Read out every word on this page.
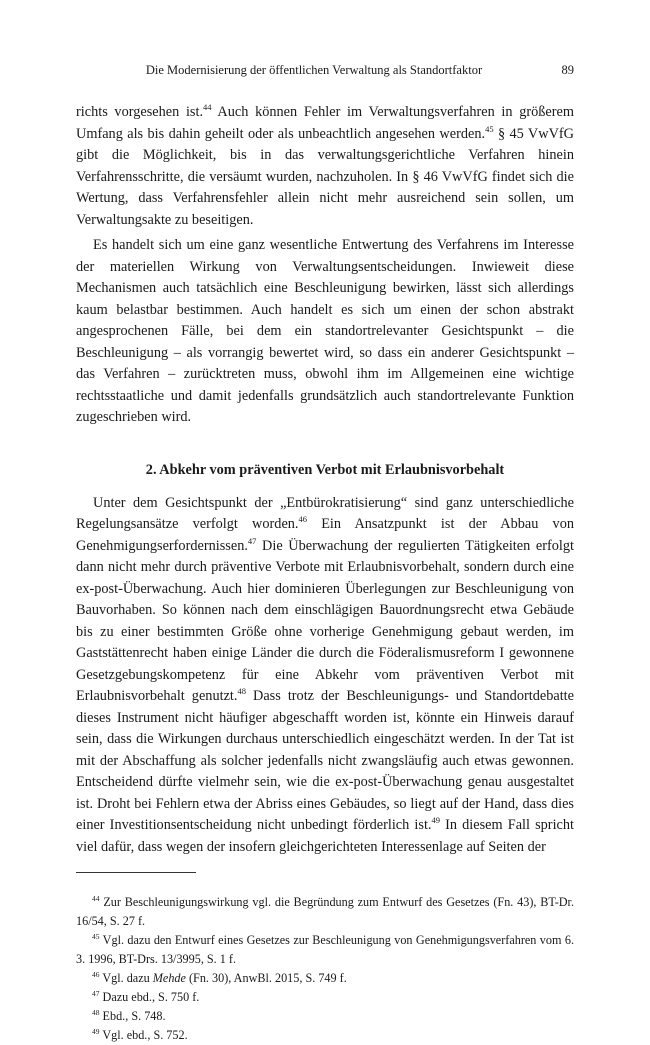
Die Modernisierung der öffentlichen Verwaltung als Standortfaktor	89

richts vorgesehen ist.$^{44}$ Auch können Fehler im Verwaltungsverfahren in größerem Umfang als bis dahin geheilt oder als unbeachtlich angesehen werden.$^{45}$ § 45 VwVfG gibt die Möglichkeit, bis in das verwaltungsgerichtliche Verfahren hinein Verfahrensschritte, die versäumt wurden, nachzuholen. In § 46 VwVfG findet sich die Wertung, dass Verfahrensfehler allein nicht mehr ausreichend sein sollen, um Verwaltungsakte zu beseitigen.

Es handelt sich um eine ganz wesentliche Entwertung des Verfahrens im Interesse der materiellen Wirkung von Verwaltungsentscheidungen. Inwieweit diese Mechanismen auch tatsächlich eine Beschleunigung bewirken, lässt sich allerdings kaum belastbar bestimmen. Auch handelt es sich um einen der schon abstrakt angesprochenen Fälle, bei dem ein standortrelevanter Gesichtspunkt – die Beschleunigung – als vorrangig bewertet wird, so dass ein anderer Gesichtspunkt – das Verfahren – zurücktreten muss, obwohl ihm im Allgemeinen eine wichtige rechtsstaatliche und damit jedenfalls grundsätzlich auch standortrelevante Funktion zugeschrieben wird.

2. Abkehr vom präventiven Verbot mit Erlaubnisvorbehalt

Unter dem Gesichtspunkt der „Entbürokratisierung“ sind ganz unterschiedliche Regelungsansätze verfolgt worden.$^{46}$ Ein Ansatzpunkt ist der Abbau von Genehmigungserfordernissen.$^{47}$ Die Überwachung der regulierten Tätigkeiten erfolgt dann nicht mehr durch präventive Verbote mit Erlaubnisvorbehalt, sondern durch eine ex-post-Überwachung. Auch hier dominieren Überlegungen zur Beschleunigung von Bauvorhaben. So können nach dem einschlägigen Bauordnungsrecht etwa Gebäude bis zu einer bestimmten Größe ohne vorherige Genehmigung gebaut werden, im Gaststättenrecht haben einige Länder die durch die Föderalismusreform I gewonnene Gesetzgebungskompetenz für eine Abkehr vom präventiven Verbot mit Erlaubnisvorbehalt genutzt.$^{48}$ Dass trotz der Beschleunigungs- und Standortdebatte dieses Instrument nicht häufiger abgeschafft worden ist, könnte ein Hinweis darauf sein, dass die Wirkungen durchaus unterschiedlich eingeschätzt werden. In der Tat ist mit der Abschaffung als solcher jedenfalls nicht zwangsläufig auch etwas gewonnen. Entscheidend dürfte vielmehr sein, wie die ex-post-Überwachung genau ausgestaltet ist. Droht bei Fehlern etwa der Abriss eines Gebäudes, so liegt auf der Hand, dass dies einer Investitionsentscheidung nicht unbedingt förderlich ist.$^{49}$ In diesem Fall spricht viel dafür, dass wegen der insofern gleichgerichteten Interessenlage auf Seiten der

$^{44}$ Zur Beschleunigungswirkung vgl. die Begründung zum Entwurf des Gesetzes (Fn. 43), BT-Dr. 16/54, S. 27 f.

$^{45}$ Vgl. dazu den Entwurf eines Gesetzes zur Beschleunigung von Genehmigungsverfahren vom 6. 3. 1996, BT-Drs. 13/3995, S. 1 f.

$^{46}$ Vgl. dazu Mehde (Fn. 30), AnwBl. 2015, S. 749 f.

$^{47}$ Dazu ebd., S. 750 f.

$^{48}$ Ebd., S. 748.

$^{49}$ Vgl. ebd., S. 752.
